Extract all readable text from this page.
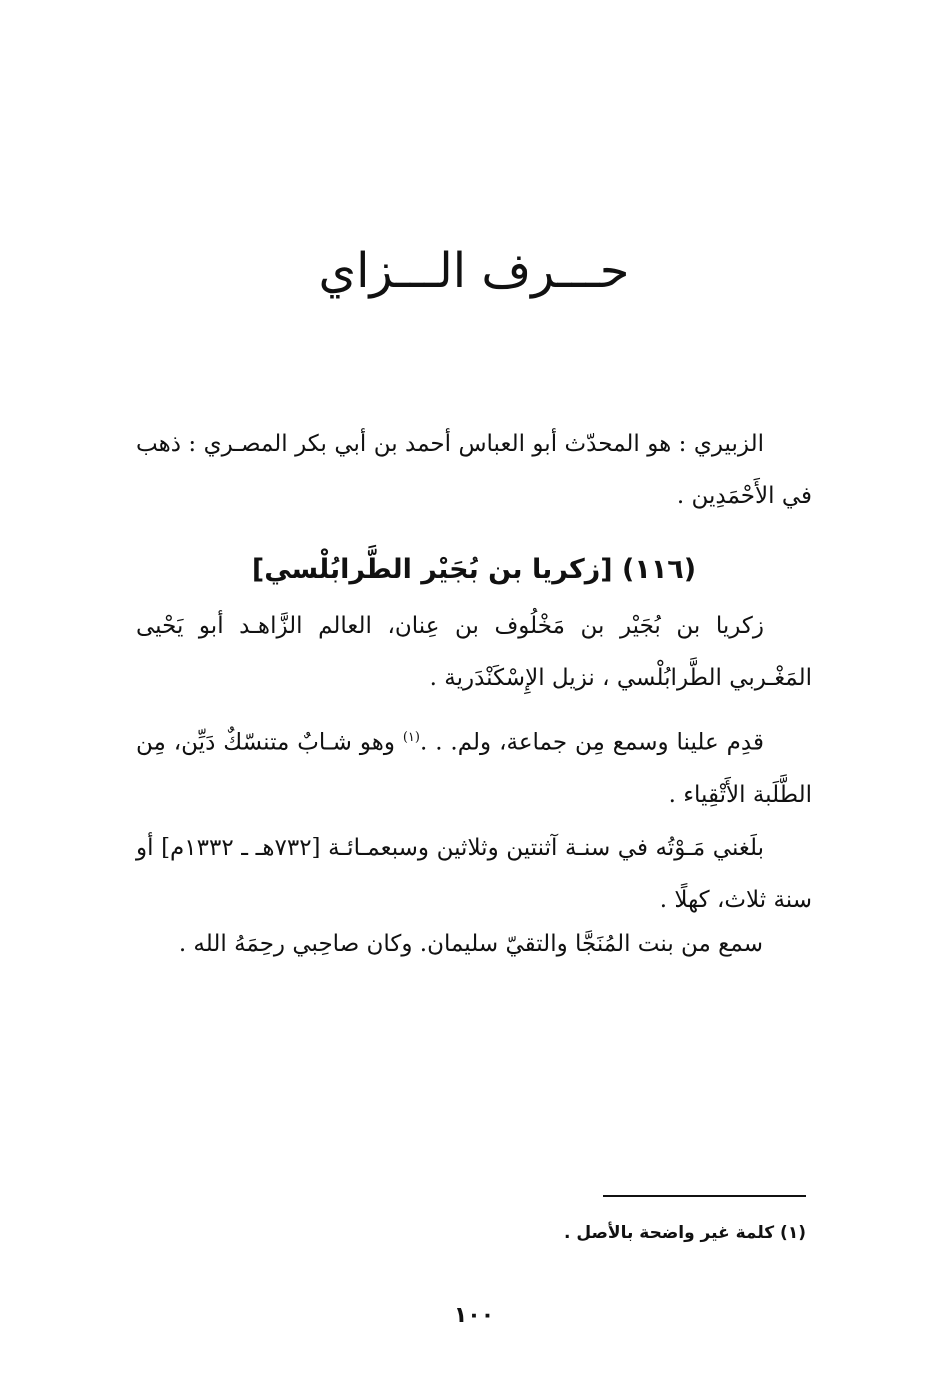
حـــرف الـــزاي
الزبيري : هو المحدّث أبو العباس أحمد بن أبي بكر المصـري : ذهب في الأَحْمَدِين .
(١١٦) [زكريا بن بُجَيْر الطَّرابُلْسي]
زكريا بن بُجَيْر بن مَخْلُوف بن عِنان، العالم الزَّاهـد أبو يَحْيى المَغْـربي الطَّرابُلْسي ، نزيل الإِسْكَنْدَرية .
قدِم علينا وسمع مِن جماعة، ولم. . .$^{(١)}$ وهو شـابٌ متنسّكٌ دَيِّن، مِن الطَّلَبة الأَتْقِياء .
بلَغني مَـوْتُه في سنـة آثنتين وثلاثين وسبعمـائـة [٧٣٢هـ ـ ١٣٣٢م] أو سنة ثلاث، كهلًا .
سمع من بنت المُنَجَّا والتقيّ سليمان. وكان صاحِبي رحِمَهُ الله .
(١) كلمة غير واضحة بالأصل .
١٠٠
